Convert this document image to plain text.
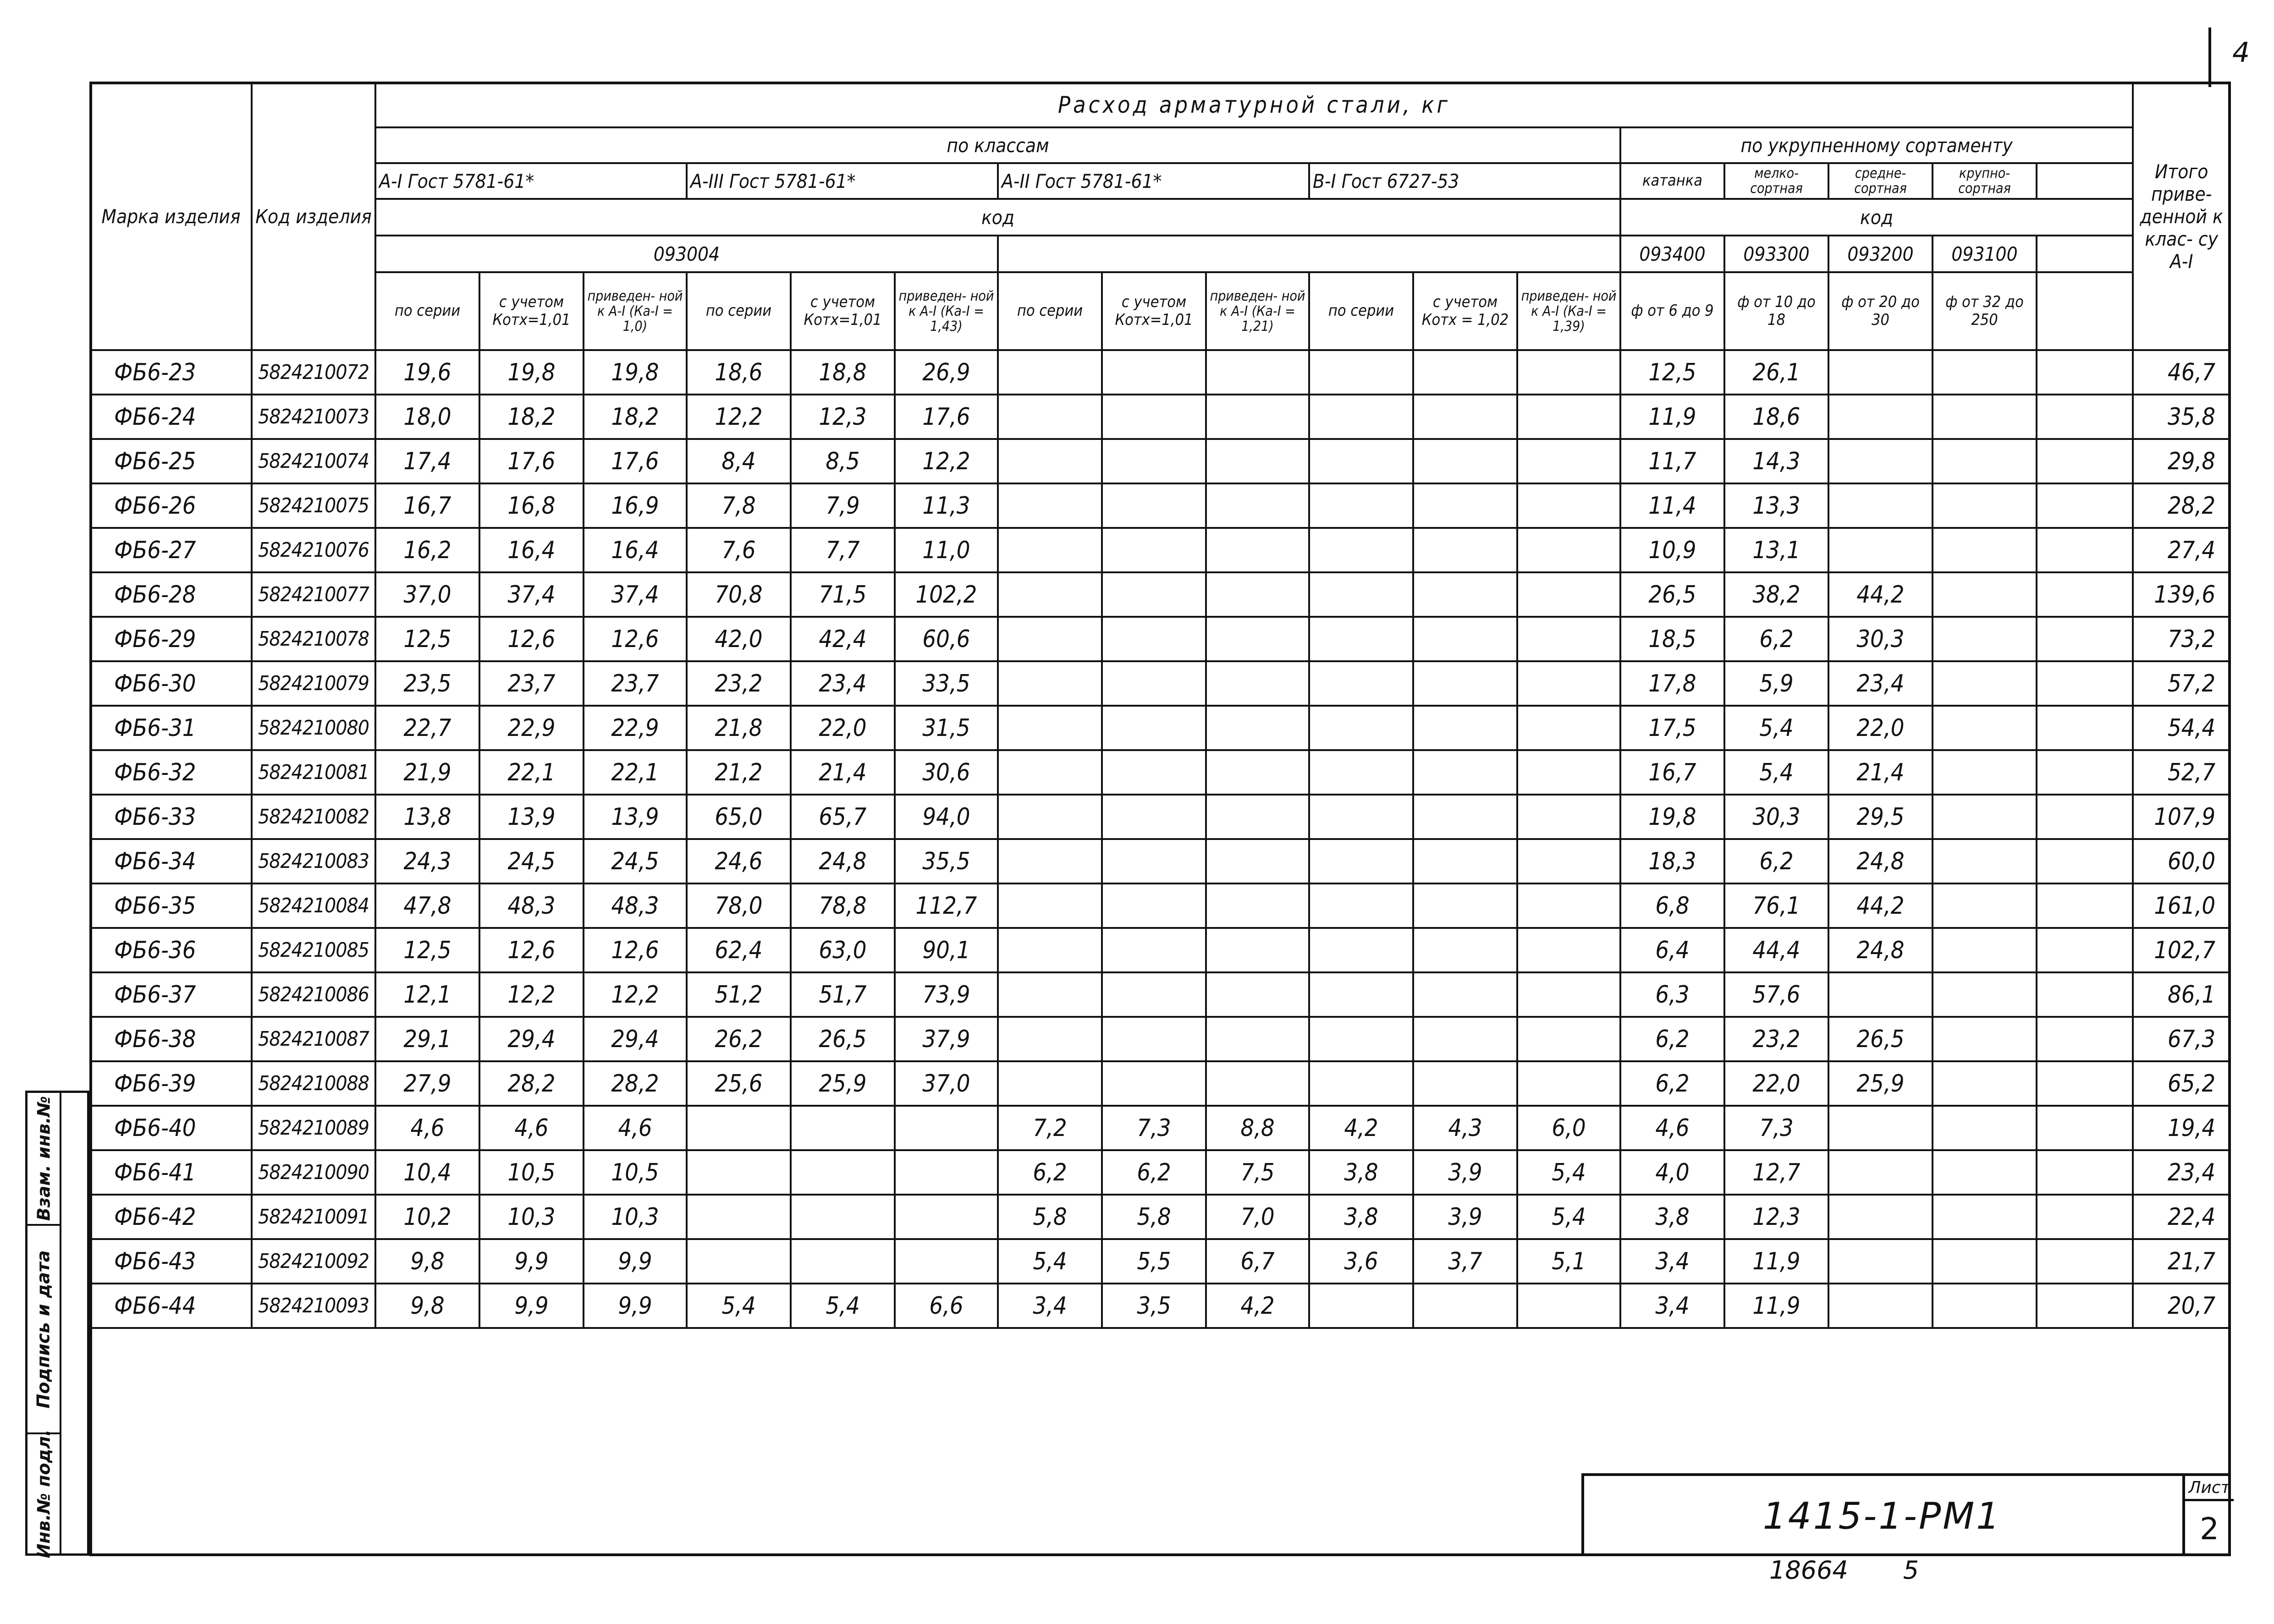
4
Марка изделия	Код изделия	Расход арматурной стали, кг																	Итого приве- денной к клас- су А-I
		по классам												по укрупненному сортаменту					
		А-I Гост 5781-61*			А-III Гост 5781-61*			А-II Гост 5781-61*			В-I Гост 6727-53			катанка	мелко- сортная	средне- сортная	крупно- сортная		
		код												код					
		093004												093400	093300	093200	093100		
		по серии	с учетом Котх=1,01	приведен- ной к А-I (Ка-I = 1,0)	по серии	с учетом Котх=1,01	приведен- ной к А-I (Ка-I = 1,43)	по серии	с учетом Котх=1,01	приведен- ной к А-I (Ка-I = 1,21)	по серии	с учетом Котх = 1,02	приведен- ной к А-I (Ка-I = 1,39)	ф от 6 до 9	ф от 10 до 18	ф от 20 до 30	ф от 32 до 250		
ФБ6-23	5824210072	19,6	19,8	19,8	18,6	18,8	26,9							12,5	26,1				46,7
ФБ6-24	5824210073	18,0	18,2	18,2	12,2	12,3	17,6							11,9	18,6				35,8
ФБ6-25	5824210074	17,4	17,6	17,6	8,4	8,5	12,2							11,7	14,3				29,8
ФБ6-26	5824210075	16,7	16,8	16,9	7,8	7,9	11,3							11,4	13,3				28,2
ФБ6-27	5824210076	16,2	16,4	16,4	7,6	7,7	11,0							10,9	13,1				27,4
ФБ6-28	5824210077	37,0	37,4	37,4	70,8	71,5	102,2							26,5	38,2	44,2			139,6
ФБ6-29	5824210078	12,5	12,6	12,6	42,0	42,4	60,6							18,5	6,2	30,3			73,2
ФБ6-30	5824210079	23,5	23,7	23,7	23,2	23,4	33,5							17,8	5,9	23,4			57,2
ФБ6-31	5824210080	22,7	22,9	22,9	21,8	22,0	31,5							17,5	5,4	22,0			54,4
ФБ6-32	5824210081	21,9	22,1	22,1	21,2	21,4	30,6							16,7	5,4	21,4			52,7
ФБ6-33	5824210082	13,8	13,9	13,9	65,0	65,7	94,0							19,8	30,3	29,5			107,9
ФБ6-34	5824210083	24,3	24,5	24,5	24,6	24,8	35,5							18,3	6,2	24,8			60,0
ФБ6-35	5824210084	47,8	48,3	48,3	78,0	78,8	112,7							6,8	76,1	44,2			161,0
ФБ6-36	5824210085	12,5	12,6	12,6	62,4	63,0	90,1							6,4	44,4	24,8			102,7
ФБ6-37	5824210086	12,1	12,2	12,2	51,2	51,7	73,9							6,3	57,6				86,1
ФБ6-38	5824210087	29,1	29,4	29,4	26,2	26,5	37,9							6,2	23,2	26,5			67,3
ФБ6-39	5824210088	27,9	28,2	28,2	25,6	25,9	37,0							6,2	22,0	25,9			65,2
ФБ6-40	5824210089	4,6	4,6	4,6				7,2	7,3	8,8	4,2	4,3	6,0	4,6	7,3				19,4
ФБ6-41	5824210090	10,4	10,5	10,5				6,2	6,2	7,5	3,8	3,9	5,4	4,0	12,7				23,4
ФБ6-42	5824210091	10,2	10,3	10,3				5,8	5,8	7,0	3,8	3,9	5,4	3,8	12,3				22,4
ФБ6-43	5824210092	9,8	9,9	9,9				5,4	5,5	6,7	3,6	3,7	5,1	3,4	11,9				21,7
ФБ6-44	5824210093	9,8	9,9	9,9	5,4	5,4	6,6	3,4	3,5	4,2				3,4	11,9				20,7

Взам. инв.№
Подпись и дата
Инв.№ подл.	1415-1-РМ1
Лист
2
18664 5
